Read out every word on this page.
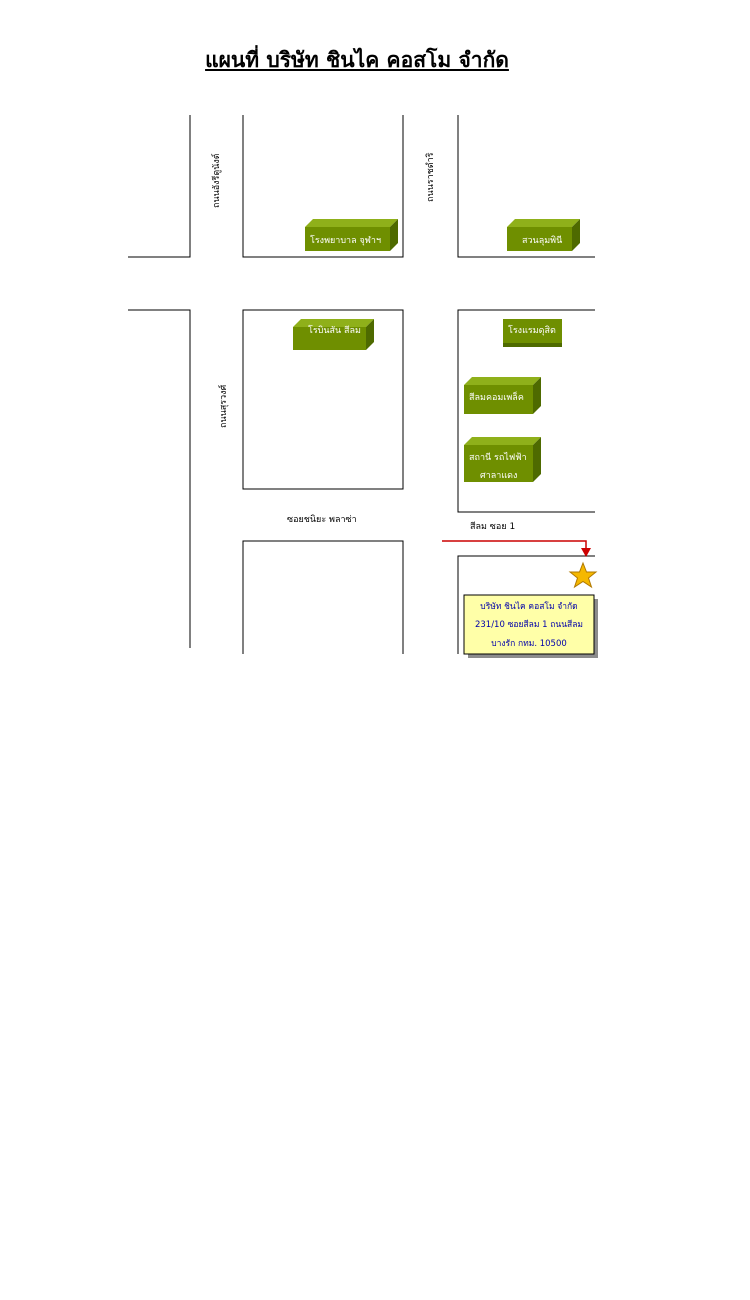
แผนที่ บริษัท ชินไค คอสโม จำกัด
ถนนอังรีดูนังต์	ถนนราชดำริ
ถนนสุรวงศ์
ซอยชนิยะ พลาซ่า
สีลม ซอย 1
โรงพยาบาล จุฬาฯ	สวนลุมพินี
โรบินสัน สีลม	โรงแรมดุสิต
สีลมคอมเพล็ค
สถานี รถไฟฟ้า
ศาลาแดง
บริษัท ชินไค คอสโม จำกัด
231/10 ซอยสีลม 1 ถนนสีลม
บางรัก กทม. 10500
